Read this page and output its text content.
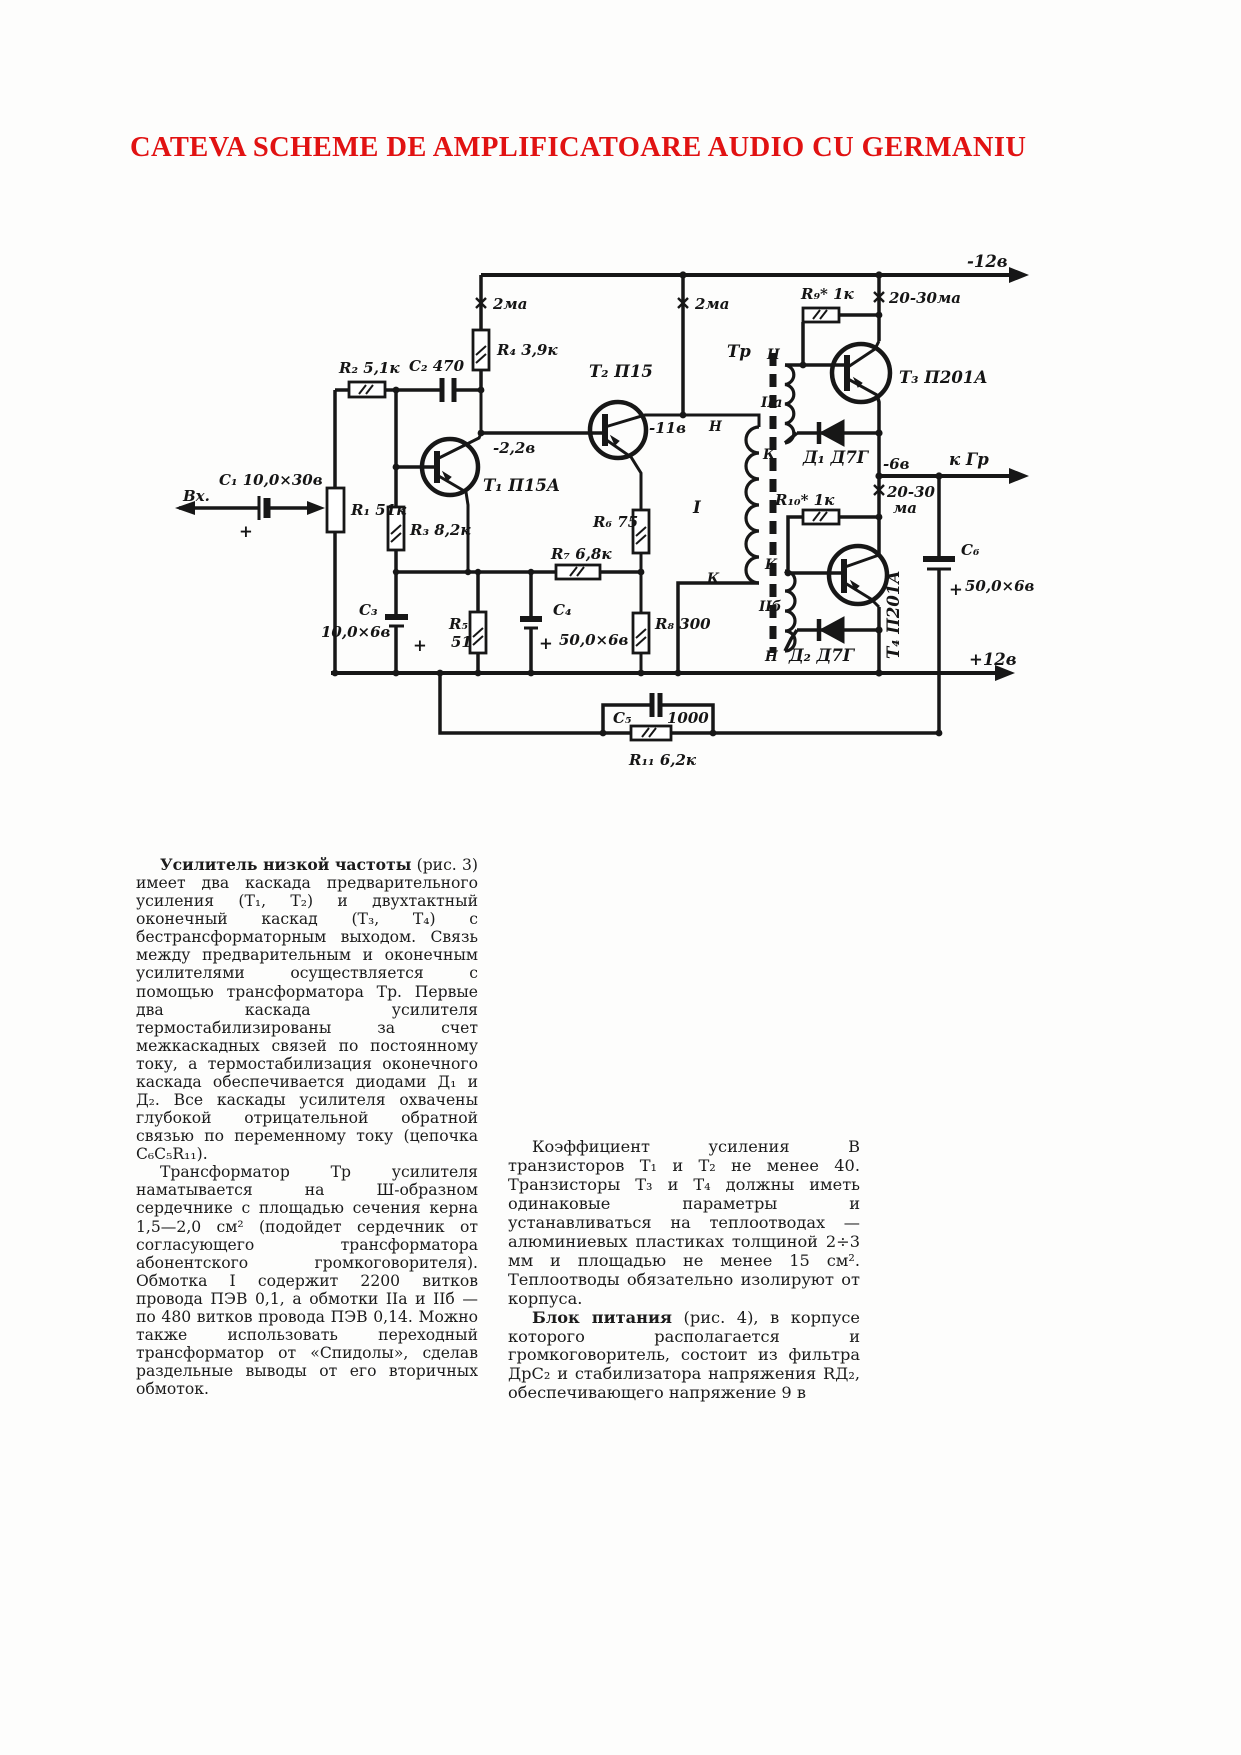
CATEVA SCHEME DE AMPLIFICATOARE AUDIO CU GERMANIU
Вх.
С₁ 10,0×30в
+
R₁ 51к
R₂ 5,1к С₂ 470
R₃ 8,2к
R₄ 3,9к
2ма	2ма
Т₁ П15А
-2,2в
Т₂ П15
-11в
С₃
10,0×6в
+
R₅
51
С₄
50,0×6в
+
R₆ 75
R₇ 6,8к
R₈ 300
Тр
Н
I
К
Н
IIа
К
К
IIб
Н
R₉* 1к 20-30ма
Т₃ П201А
Д₁ Д7Г
-12в
+12в
-6в к Гр
20-30
ма
R₁₀* 1к
Д₂ Д7Г Т₄ П201А
С₆
50,0×6в
+
С₅ 1000
R₁₁ 6,2к

Усилитель низкой частоты (рис. 3) имеет два каскада предварительного усиления (Т₁, Т₂) и двухтактный оконечный каскад (Т₃, Т₄) с бестрансформаторным выходом. Связь между предварительным и оконечным усилителями осуществляется с помощью трансформатора Тр. Первые два каскада усилителя термостабилизированы за счет межкаскадных связей по постоянному току, а термостабилизация оконечного каскада обеспечивается диодами Д₁ и Д₂. Все каскады усилителя охвачены глубокой отрицательной обратной связью по переменному току (цепочка С₆С₅R₁₁).

Трансформатор Тр усилителя наматывается на Ш-образном сердечнике с площадью сечения керна 1,5—2,0 см² (подойдет сердечник от согласующего трансформатора абонентского громкоговорителя). Обмотка I содержит 2200 витков провода ПЭВ 0,1, а обмотки IIа и IIб — по 480 витков провода ПЭВ 0,14. Можно также использовать переходный трансформатор от «Спидолы», сделав раздельные выводы от его вторичных обмоток.

Коэффициент усиления В транзисторов Т₁ и Т₂ не менее 40. Транзисторы Т₃ и Т₄ должны иметь одинаковые параметры и устанавливаться на теплоотводах — алюминиевых пластиках толщиной 2÷3 мм и площадью не менее 15 см². Теплоотводы обязательно изолируют от корпуса.

Блок питания (рис. 4), в корпусе которого располагается и громкоговоритель, состоит из фильтра ДрС₂ и стабилизатора напряжения RД₂, обеспечивающего напряжение 9 в
